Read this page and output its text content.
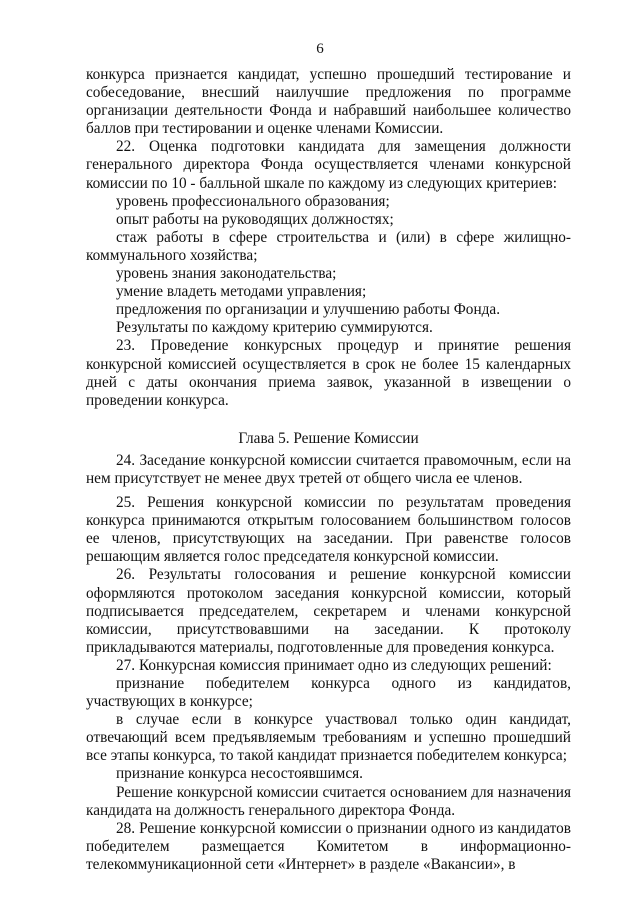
6

конкурса признается кандидат, успешно прошедший тестирование и собеседование, внесший наилучшие предложения по программе организации деятельности Фонда и набравший наибольшее количество баллов при тестировании и оценке членами Комиссии.

22. Оценка подготовки кандидата для замещения должности генерального директора Фонда осуществляется членами конкурсной комиссии по 10 - балльной шкале по каждому из следующих критериев:

уровень профессионального образования;

опыт работы на руководящих должностях;

стаж работы в сфере строительства и (или) в сфере жилищно-коммунального хозяйства;

уровень знания законодательства;

умение владеть методами управления;

предложения по организации и улучшению работы Фонда.

Результаты по каждому критерию суммируются.

23. Проведение конкурсных процедур и принятие решения конкурсной комиссией осуществляется в срок не более 15 календарных дней с даты окончания приема заявок, указанной в извещении о проведении конкурса.

Глава 5. Решение Комиссии

24. Заседание конкурсной комиссии считается правомочным, если на нем присутствует не менее двух третей от общего числа ее членов.

25. Решения конкурсной комиссии по результатам проведения конкурса принимаются открытым голосованием большинством голосов ее членов, присутствующих на заседании. При равенстве голосов решающим является голос председателя конкурсной комиссии.

26. Результаты голосования и решение конкурсной комиссии оформляются протоколом заседания конкурсной комиссии, который подписывается председателем, секретарем и членами конкурсной комиссии, присутствовавшими на заседании. К протоколу прикладываются материалы, подготовленные для проведения конкурса.

27. Конкурсная комиссия принимает одно из следующих решений:

признание победителем конкурса одного из кандидатов, участвующих в конкурсе;

в случае если в конкурсе участвовал только один кандидат, отвечающий всем предъявляемым требованиям и успешно прошедший все этапы конкурса, то такой кандидат признается победителем конкурса;

признание конкурса несостоявшимся.

Решение конкурсной комиссии считается основанием для назначения кандидата на должность генерального директора Фонда.

28. Решение конкурсной комиссии о признании одного из кандидатов победителем размещается Комитетом в информационно-телекоммуникационной сети «Интернет» в разделе «Вакансии», в
